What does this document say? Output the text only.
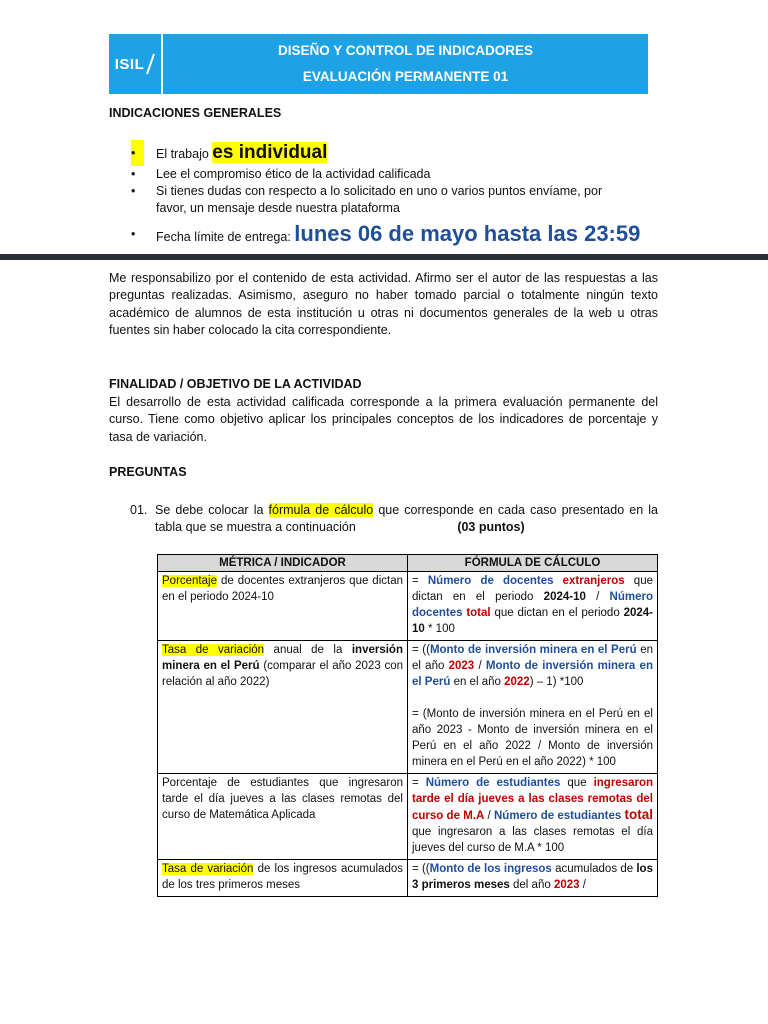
ISIL
DISEÑO Y CONTROL DE INDICADORES
EVALUACIÓN PERMANENTE 01
INDICACIONES GENERALES
•	El trabajo es individual
• Lee el compromiso ético de la actividad calificada
• Si tienes dudas con respecto a lo solicitado en uno o varios puntos envíame, por favor, un mensaje desde nuestra plataforma
• Fecha límite de entrega: lunes 06 de mayo hasta las 23:59

Me responsabilizo por el contenido de esta actividad. Afirmo ser el autor de las respuestas a las preguntas realizadas. Asimismo, aseguro no haber tomado parcial o totalmente ningún texto académico de alumnos de esta institución u otras ni documentos generales de la web u otras fuentes sin haber colocado la cita correspondiente.

FINALIDAD / OBJETIVO DE LA ACTIVIDAD

El desarrollo de esta actividad calificada corresponde a la primera evaluación permanente del curso. Tiene como objetivo aplicar los principales conceptos de los indicadores de porcentaje y tasa de variación.

PREGUNTAS
01. Se debe colocar la fórmula de cálculo que corresponde en cada caso presentado en la tabla que se muestra a continuación	(03 puntos)
MÉTRICA / INDICADOR	FÓRMULA DE CÁLCULO
Porcentaje de docentes extranjeros que dictan en el periodo 2024-10	= Número de docentes extranjeros que dictan en el periodo 2024-10 / Número docentes total que dictan en el periodo 2024-10 * 100
Tasa de variación anual de la inversión minera en el Perú (comparar el año 2023 con relación al año 2022)	= ((Monto de inversión minera en el Perú en el año 2023 / Monto de inversión minera en el Perú en el año 2022) – 1) *100
= (Monto de inversión minera en el Perú en el año 2023 - Monto de inversión minera en el Perú en el año 2022 / Monto de inversión minera en el Perú en el año 2022) * 100

Porcentaje de estudiantes que ingresaron tarde el día jueves a las clases remotas del curso de Matemática Aplicada	= Número de estudiantes que ingresaron tarde el día jueves a las clases remotas del curso de M.A / Número de estudiantes total que ingresaron a las clases remotas el día jueves del curso de M.A * 100
Tasa de variación de los ingresos acumulados de los tres primeros meses	= ((Monto de los ingresos acumulados de los 3 primeros meses del año 2023 /
